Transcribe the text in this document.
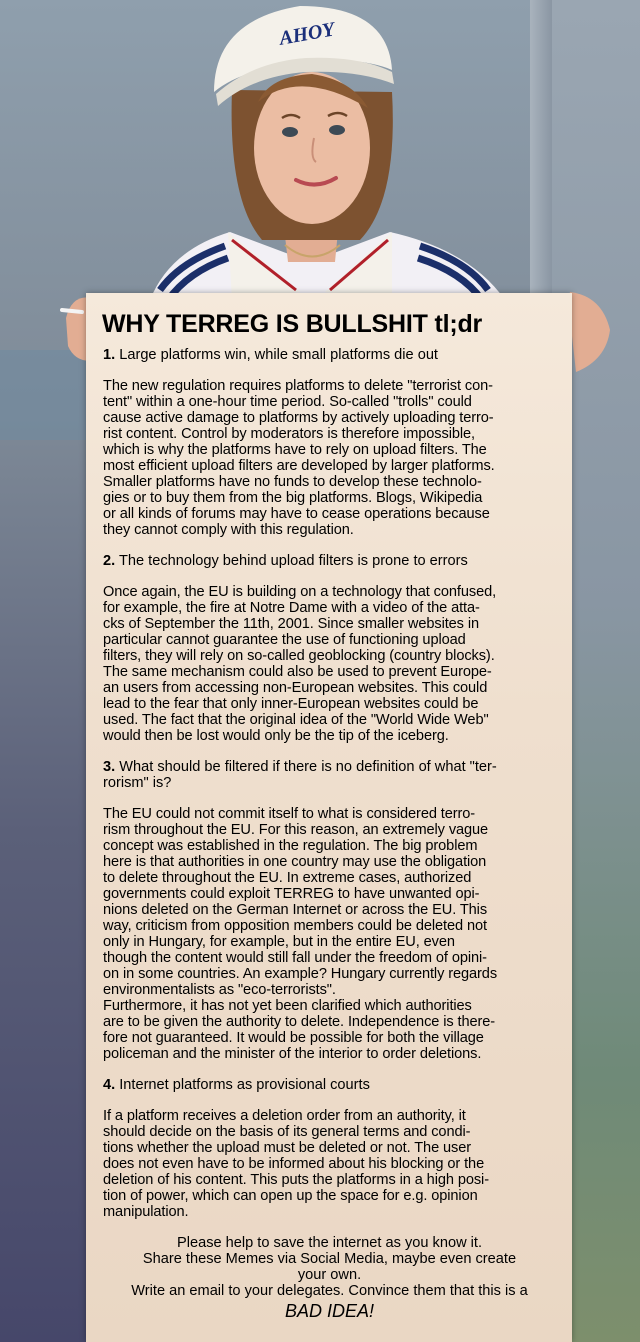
AHOY
WHY TERREG IS BULLSHIT tl;dr
1. Large platforms win, while small platforms die out
The new regulation requires platforms to delete "terrorist con-
tent" within a one-hour time period. So-called "trolls" could
cause active damage to platforms by actively uploading terro-
rist content. Control by moderators is therefore impossible,
which is why the platforms have to rely on upload filters. The
most efficient upload filters are developed by larger platforms.
Smaller platforms have no funds to develop these technolo-
gies or to buy them from the big platforms. Blogs, Wikipedia
or all kinds of forums may have to cease operations because
they cannot comply with this regulation.
2. The technology behind upload filters is prone to errors
Once again, the EU is building on a technology that confused,
for example, the fire at Notre Dame with a video of the atta-
cks of September the 11th, 2001. Since smaller websites in
particular cannot guarantee the use of functioning upload
filters, they will rely on so-called geoblocking (country blocks).
The same mechanism could also be used to prevent Europe-
an users from accessing non-European websites. This could
lead to the fear that only inner-European websites could be
used. The fact that the original idea of the "World Wide Web"
would then be lost would only be the tip of the iceberg.
3. What should be filtered if there is no definition of what "ter-
rorism" is?
The EU could not commit itself to what is considered terro-
rism throughout the EU. For this reason, an extremely vague
concept was established in the regulation. The big problem
here is that authorities in one country may use the obligation
to delete throughout the EU. In extreme cases, authorized
governments could exploit TERREG to have unwanted opi-
nions deleted on the German Internet or across the EU. This
way, criticism from opposition members could be deleted not
only in Hungary, for example, but in the entire EU, even
though the content would still fall under the freedom of opini-
on in some countries. An example? Hungary currently regards
environmentalists as "eco-terrorists".
Furthermore, it has not yet been clarified which authorities
are to be given the authority to delete. Independence is there-
fore not guaranteed. It would be possible for both the village
policeman and the minister of the interior to order deletions.
4. Internet platforms as provisional courts
If a platform receives a deletion order from an authority, it
should decide on the basis of its general terms and condi-
tions whether the upload must be deleted or not. The user
does not even have to be informed about his blocking or the
deletion of his content. This puts the platforms in a high posi-
tion of power, which can open up the space for e.g. opinion
manipulation.
Please help to save the internet as you know it.
Share these Memes via Social Media, maybe even create
your own.
Write an email to your delegates. Convince them that this is a
BAD IDEA!
